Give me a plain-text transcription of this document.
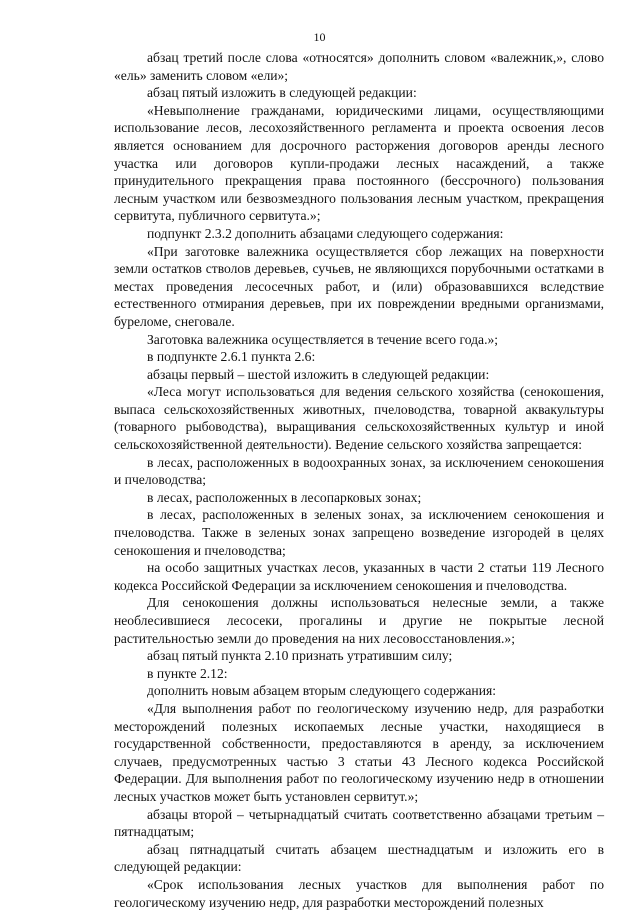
10

абзац третий после слова «относятся» дополнить словом «валежник,», слово «ель» заменить словом «ели»;

абзац пятый изложить в следующей редакции:

«Невыполнение гражданами, юридическими лицами, осуществляющими использование лесов, лесохозяйственного регламента и проекта освоения лесов является основанием для досрочного расторжения договоров аренды лесного участка или договоров купли-продажи лесных насаждений, а также принудительного прекращения права постоянного (бессрочного) пользования лесным участком или безвозмездного пользования лесным участком, прекращения сервитута, публичного сервитута.»;

подпункт 2.3.2 дополнить абзацами следующего содержания:

«При заготовке валежника осуществляется сбор лежащих на поверхности земли остатков стволов деревьев, сучьев, не являющихся порубочными остатками в местах проведения лесосечных работ, и (или) образовавшихся вследствие естественного отмирания деревьев, при их повреждении вредными организмами, буреломе, снеговале.

Заготовка валежника осуществляется в течение всего года.»;

в подпункте 2.6.1 пункта 2.6:

абзацы первый – шестой изложить в следующей редакции:

«Леса могут использоваться для ведения сельского хозяйства (сенокошения, выпаса сельскохозяйственных животных, пчеловодства, товарной аквакультуры (товарного рыбоводства), выращивания сельскохозяйственных культур и иной сельскохозяйственной деятельности). Ведение сельского хозяйства запрещается:

в лесах, расположенных в водоохранных зонах, за исключением сенокошения и пчеловодства;

в лесах, расположенных в лесопарковых зонах;

в лесах, расположенных в зеленых зонах, за исключением сенокошения и пчеловодства. Также в зеленых зонах запрещено возведение изгородей в целях сенокошения и пчеловодства;

на особо защитных участках лесов, указанных в части 2 статьи 119 Лесного кодекса Российской Федерации за исключением сенокошения и пчеловодства.

Для сенокошения должны использоваться нелесные земли, а также необлесившиеся лесосеки, прогалины и другие не покрытые лесной растительностью земли до проведения на них лесовосстановления.»;

абзац пятый пункта 2.10 признать утратившим силу;

в пункте 2.12:

дополнить новым абзацем вторым следующего содержания:

«Для выполнения работ по геологическому изучению недр, для разработки месторождений полезных ископаемых лесные участки, находящиеся в государственной собственности, предоставляются в аренду, за исключением случаев, предусмотренных частью 3 статьи 43 Лесного кодекса Российской Федерации. Для выполнения работ по геологическому изучению недр в отношении лесных участков может быть установлен сервитут.»;

абзацы второй – четырнадцатый считать соответственно абзацами третьим – пятнадцатым;

абзац пятнадцатый считать абзацем шестнадцатым и изложить его в следующей редакции:

«Срок использования лесных участков для выполнения работ по геологическому изучению недр, для разработки месторождений полезных
